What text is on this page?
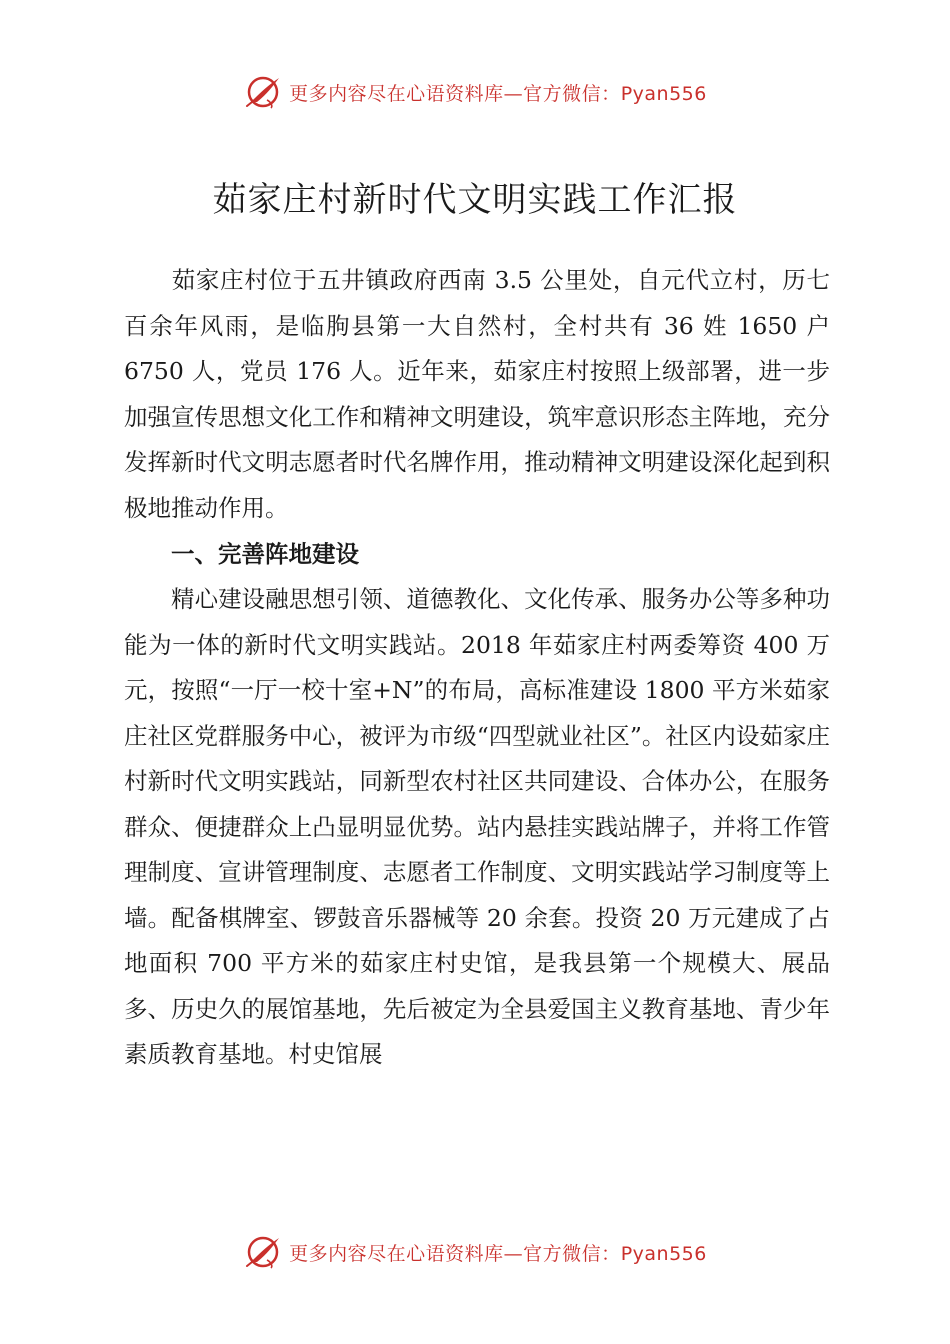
更多内容尽在心语资料库—官方微信：Pyan556
茹家庄村新时代文明实践工作汇报

茹家庄村位于五井镇政府西南 3.5 公里处，自元代立村，历七百余年风雨，是临朐县第一大自然村，全村共有 36 姓 1650 户 6750 人，党员 176 人。近年来，茹家庄村按照上级部署，进一步加强宣传思想文化工作和精神文明建设，筑牢意识形态主阵地，充分发挥新时代文明志愿者时代名牌作用，推动精神文明建设深化起到积极地推动作用。

一、完善阵地建设

精心建设融思想引领、道德教化、文化传承、服务办公等多种功能为一体的新时代文明实践站。2018 年茹家庄村两委筹资 400 万元，按照“一厅一校十室+N”的布局，高标准建设 1800 平方米茹家庄社区党群服务中心，被评为市级“四型就业社区”。社区内设茹家庄村新时代文明实践站，同新型农村社区共同建设、合体办公，在服务群众、便捷群众上凸显明显优势。站内悬挂实践站牌子，并将工作管理制度、宣讲管理制度、志愿者工作制度、文明实践站学习制度等上墙。配备棋牌室、锣鼓音乐器械等 20 余套。投资 20 万元建成了占地面积 700 平方米的茹家庄村史馆，是我县第一个规模大、展品多、历史久的展馆基地，先后被定为全县爱国主义教育基地、青少年素质教育基地。村史馆展

更多内容尽在心语资料库—官方微信：Pyan556
